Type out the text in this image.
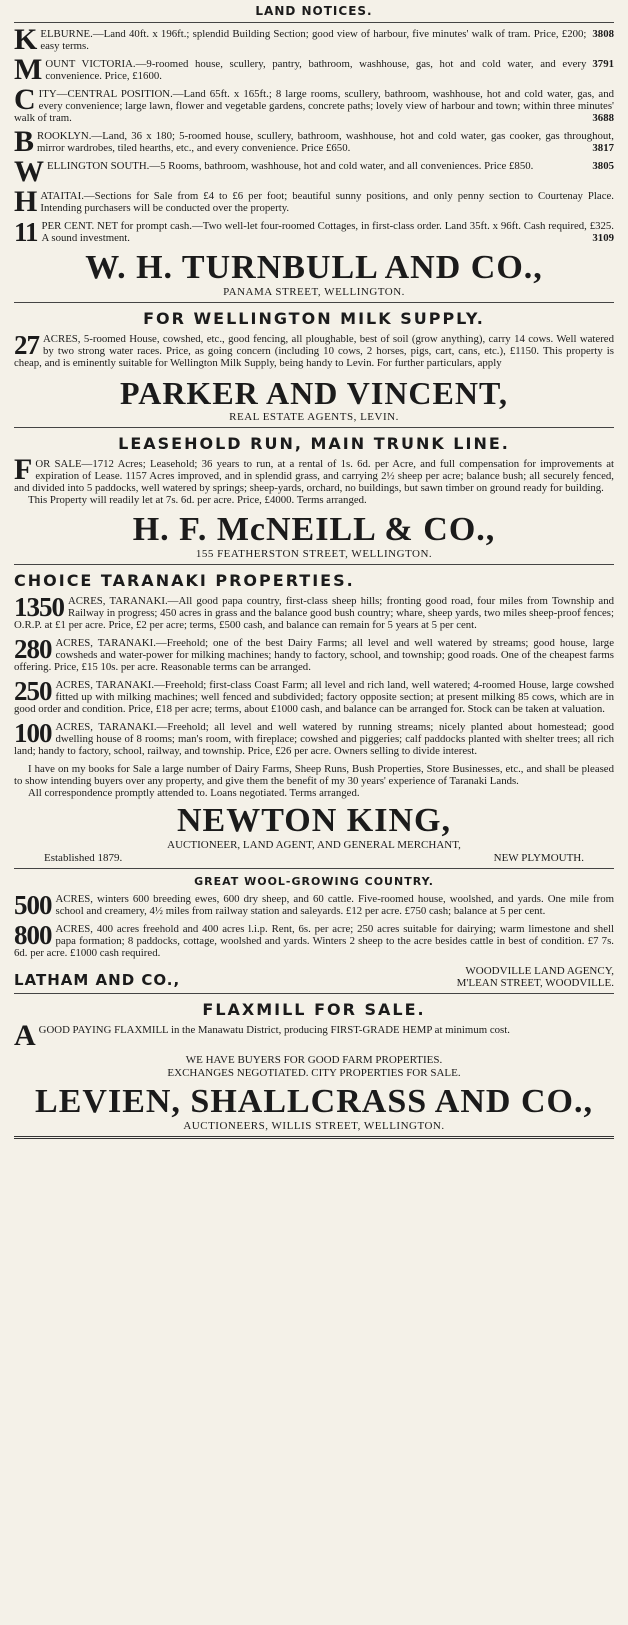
LAND NOTICES.

K	3808
ELBURNE.—Land 40ft. x 196ft.; splendid Building Section; good view of harbour, five minutes' walk of tram. Price, £200; easy terms.

M	3791
OUNT VICTORIA.—9-roomed house, scullery, pantry, bathroom, washhouse, gas, hot and cold water, and every convenience. Price, £1600.

CITY—CENTRAL POSITION.—Land 65ft. x 165ft.; 8 large rooms, scullery, bathroom, washhouse, hot and cold water, gas, and every convenience; large lawn, flower and vegetable gardens, concrete paths; lovely view of harbour and town; within three minutes' walk of tram.	3688

BROOKLYN.—Land, 36 x 180; 5-roomed house, scullery, bathroom, washhouse, hot and cold water, gas cooker, gas throughout, mirror wardrobes, tiled hearths, etc., and every convenience. Price £650.	3817

WELLINGTON SOUTH.—5 Rooms, bathroom, washhouse, hot and cold water, and all conveniences. Price £850.	3805

HATAITAI.—Sections for Sale from £4 to £6 per foot; beautiful sunny positions, and only penny section to Courtenay Place. Intending purchasers will be conducted over the property.

11 PER CENT. NET for prompt cash.—Two well-let four-roomed Cottages, in first-class order. Land 35ft. x 96ft. Cash required, £325. A sound investment.	3109

W. H. TURNBULL AND CO.,
PANAMA STREET, WELLINGTON.
FOR WELLINGTON MILK SUPPLY.

27 ACRES, 5-roomed House, cowshed, etc., good fencing, all ploughable, best of soil (grow anything), carry 14 cows. Well watered by two strong water races. Price, as going concern (including 10 cows, 2 horses, pigs, cart, cans, etc.), £1150. This property is cheap, and is eminently suitable for Wellington Milk Supply, being handy to Levin. For further particulars, apply

PARKER AND VINCENT,
REAL ESTATE AGENTS, LEVIN.
LEASEHOLD RUN, MAIN TRUNK LINE.

FOR SALE—1712 Acres; Leasehold; 36 years to run, at a rental of 1s. 6d. per Acre, and full compensation for improvements at expiration of Lease. 1157 Acres improved, and in splendid grass, and carrying 2½ sheep per acre; balance bush; all securely fenced, and divided into 5 paddocks, well watered by springs; sheep-yards, orchard, no buildings, but sawn timber on ground ready for building.

This Property will readily let at 7s. 6d. per acre. Price, £4000. Terms arranged.

H. F. McNEILL & CO.,
155 FEATHERSTON STREET, WELLINGTON.
CHOICE TARANAKI PROPERTIES.

1350 ACRES, TARANAKI.—All good papa country, first-class sheep hills; fronting good road, four miles from Township and Railway in progress; 450 acres in grass and the balance good bush country; whare, sheep yards, two miles sheep-proof fences; O.R.P. at £1 per acre. Price, £2 per acre; terms, £500 cash, and balance can remain for 5 years at 5 per cent.

280 ACRES, TARANAKI.—Freehold; one of the best Dairy Farms; all level and well watered by streams; good house, large cowsheds and water-power for milking machines; handy to factory, school, and township; good roads. One of the cheapest farms offering. Price, £15 10s. per acre. Reasonable terms can be arranged.

250 ACRES, TARANAKI.—Freehold; first-class Coast Farm; all level and rich land, well watered; 4-roomed House, large cowshed fitted up with milking machines; well fenced and subdivided; factory opposite section; at present milking 85 cows, which are in good order and condition. Price, £18 per acre; terms, about £1000 cash, and balance can be arranged for. Stock can be taken at valuation.

100 ACRES, TARANAKI.—Freehold; all level and well watered by running streams; nicely planted about homestead; good dwelling house of 8 rooms; man's room, with fireplace; cowshed and piggeries; calf paddocks planted with shelter trees; all rich land; handy to factory, school, railway, and township. Price, £26 per acre. Owners selling to divide interest.

I have on my books for Sale a large number of Dairy Farms, Sheep Runs, Bush Properties, Store Businesses, etc., and shall be pleased to show intending buyers over any property, and give them the benefit of my 30 years' experience of Taranaki Lands.

All correspondence promptly attended to. Loans negotiated. Terms arranged.

NEWTON KING,
AUCTIONEER, LAND AGENT, AND GENERAL MERCHANT,
Established 1879.	NEW PLYMOUTH.
GREAT WOOL-GROWING COUNTRY.

500 ACRES, winters 600 breeding ewes, 600 dry sheep, and 60 cattle. Five-roomed house, woolshed, and yards. One mile from school and creamery, 4½ miles from railway station and saleyards. £12 per acre. £750 cash; balance at 5 per cent.

800 ACRES, 400 acres freehold and 400 acres l.i.p. Rent, 6s. per acre; 250 acres suitable for dairying; warm limestone and shell papa formation; 8 paddocks, cottage, woolshed and yards. Winters 2 sheep to the acre besides cattle in best of condition. £7 7s. 6d. per acre. £1000 cash required.

LATHAM AND CO.,	WOODVILLE LAND AGENCY,
M'LEAN STREET, WOODVILLE.
FLAXMILL FOR SALE.

AGOOD PAYING FLAXMILL in the Manawatu District, producing FIRST-GRADE HEMP at minimum cost.

WE HAVE BUYERS FOR GOOD FARM PROPERTIES.
EXCHANGES NEGOTIATED. CITY PROPERTIES FOR SALE.
LEVIEN, SHALLCRASS AND CO.,
AUCTIONEERS, WILLIS STREET, WELLINGTON.
